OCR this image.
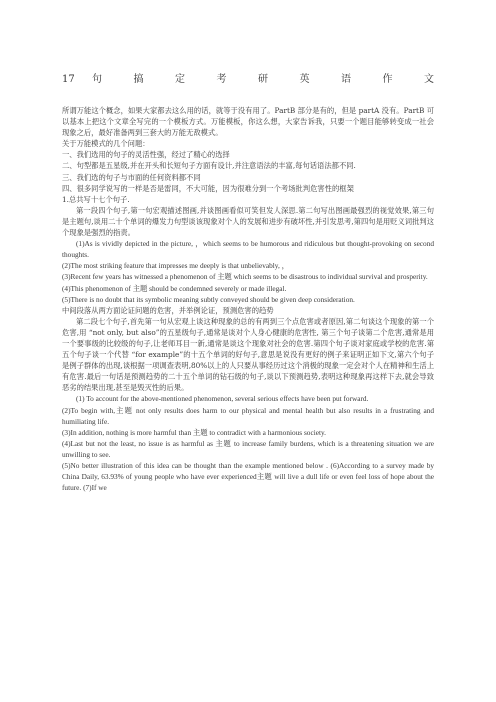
17 句 搞 定 考 研 英 语 作 文

所谓万能这个概念，如果大家都去这么用的话，就等于没有用了。PartB 部分是有的，但是 partA 没有。PartB 可以基本上把这个文章全写完的一个模板方式。万能模板，你这么想，大家告诉我，只要一个题目能够转变成一社会现象之后，最好准备两到三套大的万能无敌模式。

关于万能模式的几个问题：

一、我们选用的句子的灵活性强，经过了精心的选择

二、句型都是五星级,并在开头和长短句子方面有设计,并注意语法的丰富,每句话语法都不同.

三、我们选的句子与市面的任何资料都不同

四、很多同学说写的一样是否是雷同，不大可能，因为很难分到一个考场批判危害性的框架

1.总共写十七个句子.

第一段四个句子,第一句宏观描述图画,并谈图画看似可笑但发人深思.第二句写出图画最强烈的视觉效果,第三句是主题句,谈用二十个单词的爆发力句型谈该现象对个人的发展和进步有破坏性,并引发思考,第四句是用贬义词批判这个现象是强烈的指责。

(1)As is vividly depicted in the picture, ，which seems to be humorous and ridiculous but thought-provoking on second thoughts.

(2)The most striking feature that impresses me deeply is that unbelievably, ，

(3)Recent few years has witnessed a phenomenon of 主题 which seems to be disastrous to individual survival and prosperity.

(4)This phenomenon of 主题 should be condemned severely or made illegal.

(5)There is no doubt that its symbolic meaning subtly conveyed should be given deep consideration.

中间段落从两方面论证问题的危害，并举例论证，预测危害的趋势

第二段七个句子,首先第一句从宏观上谈这种现象的总的有两到三个点危害或者原因,第二句谈这个现象的第一个危害,用 “not only, but also”的五星级句子,通常是谈对个人身心健康的危害性, 第三个句子谈第二个危害,通常是用一个要事级的比较级的句子,让老师耳目一新,通常是谈这个现象对社会的危害.第四个句子谈对家庭或学校的危害.第五个句子谈一个代替 “for example”的十五个单词的好句子,意思是说没有更好的例子来证明正如下文,第六个句子是例子群体的出现,谈根据一项调查表明,80%以上的人只要从事经历过这个消极的现象一定会对个人在精神和生活上有危害.最后一句话是预测趋势的二十五个单词的钻石级的句子,谈以下预测趋势,表明这种现象再这样下去,就会导致恶劣的结果出现,甚至是毁灭性的后果。

(1) To account for the above-mentioned phenomenon, several serious effects have been put forward.

(2)To begin with,主题 not only results does harm to our physical and mental health but also results in a frustrating and humiliating life.

(3)In addition, nothing is more harmful than 主题 to contradict with a harmonious society.

(4)Last but not the least, no issue is as harmful as 主题 to increase family burdens, which is a threatening situation we are unwilling to see.

(5)No better illustration of this idea can be thought than the example mentioned below . (6)According to a survey made by China Daily, 63.93% of young people who have ever experienced主题 will live a dull life or even feel loss of hope about the future. (7)If we
